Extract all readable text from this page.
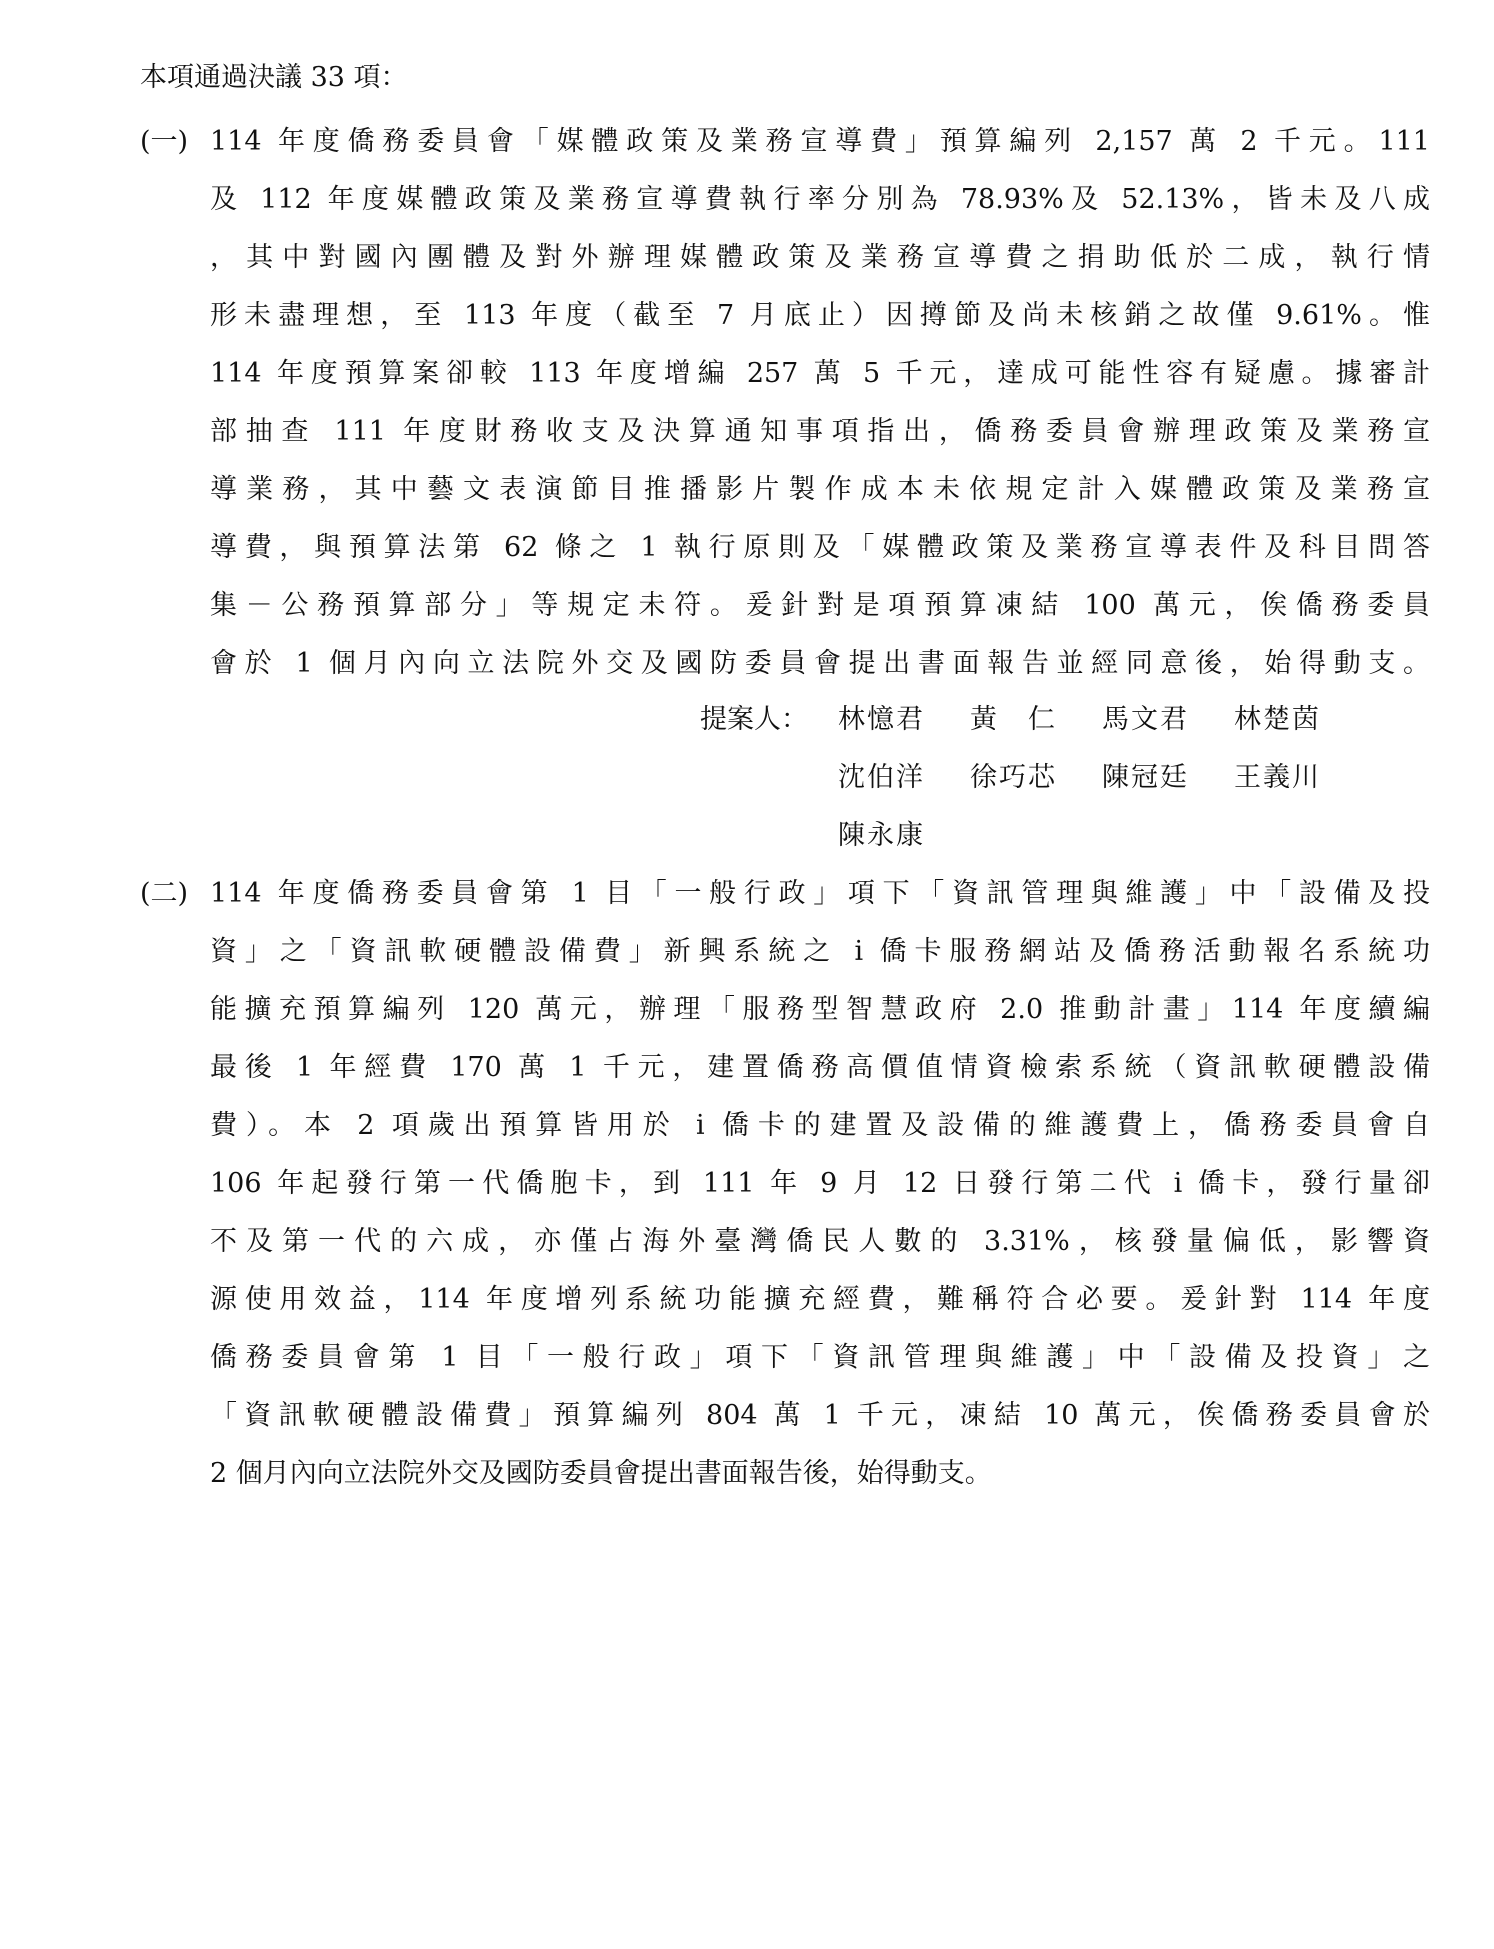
本項通過決議 33 項：
(一) 114 年度僑務委員會「媒體政策及業務宣導費」預算編列 2,157 萬 2 千元。111
及 112 年度媒體政策及業務宣導費執行率分別為 78.93%及 52.13%，皆未及八成
，其中對國內團體及對外辦理媒體政策及業務宣導費之捐助低於二成，執行情
形未盡理想，至 113 年度（截至 7 月底止）因撙節及尚未核銷之故僅 9.61%。惟
114 年度預算案卻較 113 年度增編 257 萬 5 千元，達成可能性容有疑慮。據審計
部抽查 111 年度財務收支及決算通知事項指出，僑務委員會辦理政策及業務宣
導業務，其中藝文表演節目推播影片製作成本未依規定計入媒體政策及業務宣
導費，與預算法第 62 條之 1 執行原則及「媒體政策及業務宣導表件及科目問答
集－公務預算部分」等規定未符。爰針對是項預算凍結 100 萬元，俟僑務委員
會於 1 個月內向立法院外交及國防委員會提出書面報告並經同意後，始得動支。
提案人： 林憶君 黃　仁 馬文君 林楚茵
沈伯洋 徐巧芯 陳冠廷 王義川
陳永康
(二) 114 年度僑務委員會第 1 目「一般行政」項下「資訊管理與維護」中「設備及投
資」之「資訊軟硬體設備費」新興系統之 i 僑卡服務網站及僑務活動報名系統功
能擴充預算編列 120 萬元，辦理「服務型智慧政府 2.0 推動計畫」114 年度續編
最後 1 年經費 170 萬 1 千元，建置僑務高價值情資檢索系統（資訊軟硬體設備
費）。本 2 項歲出預算皆用於 i 僑卡的建置及設備的維護費上，僑務委員會自
106 年起發行第一代僑胞卡，到 111 年 9 月 12 日發行第二代 i 僑卡，發行量卻
不及第一代的六成，亦僅占海外臺灣僑民人數的 3.31%，核發量偏低，影響資
源使用效益，114 年度增列系統功能擴充經費，難稱符合必要。爰針對 114 年度
僑務委員會第 1 目「一般行政」項下「資訊管理與維護」中「設備及投資」之
「資訊軟硬體設備費」預算編列 804 萬 1 千元，凍結 10 萬元，俟僑務委員會於
2 個月內向立法院外交及國防委員會提出書面報告後，始得動支。
